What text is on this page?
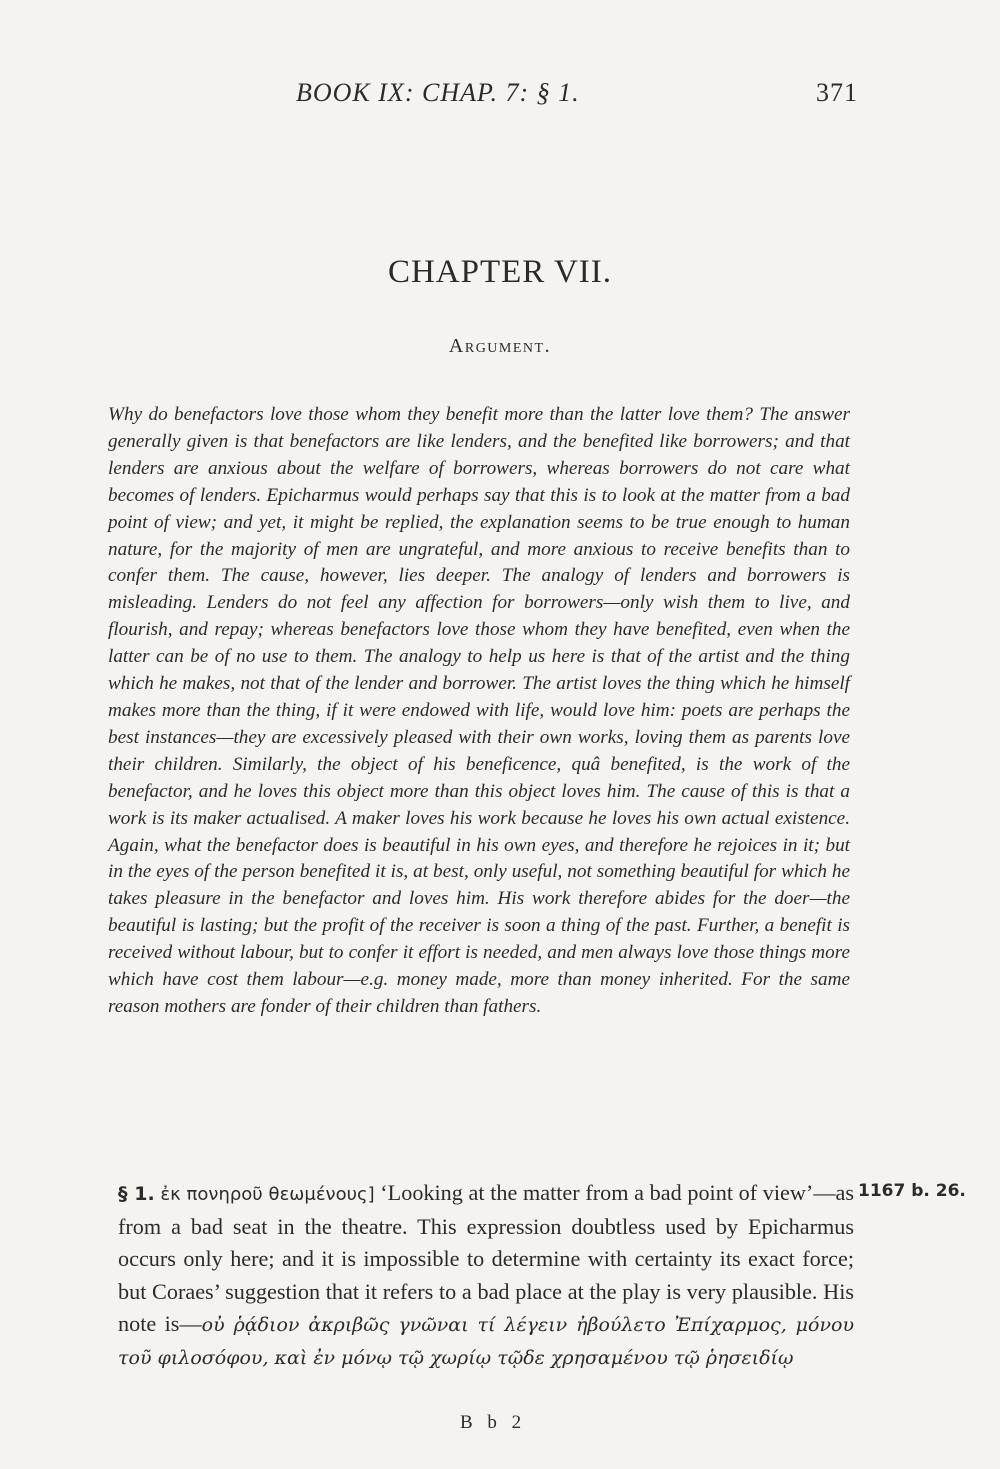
BOOK IX: CHAP. 7: § 1.	371
CHAPTER VII.
Argument.

Why do benefactors love those whom they benefit more than the latter love them? The answer generally given is that benefactors are like lenders, and the benefited like borrowers; and that lenders are anxious about the welfare of borrowers, whereas borrowers do not care what becomes of lenders. Epicharmus would perhaps say that this is to look at the matter from a bad point of view; and yet, it might be replied, the explanation seems to be true enough to human nature, for the majority of men are ungrateful, and more anxious to receive benefits than to confer them. The cause, however, lies deeper. The analogy of lenders and borrowers is misleading. Lenders do not feel any affection for borrowers—only wish them to live, and flourish, and repay; whereas benefactors love those whom they have benefited, even when the latter can be of no use to them. The analogy to help us here is that of the artist and the thing which he makes, not that of the lender and borrower. The artist loves the thing which he himself makes more than the thing, if it were endowed with life, would love him: poets are perhaps the best instances—they are excessively pleased with their own works, loving them as parents love their children. Similarly, the object of his beneficence, quâ benefited, is the work of the benefactor, and he loves this object more than this object loves him. The cause of this is that a work is its maker actualised. A maker loves his work because he loves his own actual existence. Again, what the benefactor does is beautiful in his own eyes, and therefore he rejoices in it; but in the eyes of the person benefited it is, at best, only useful, not something beautiful for which he takes pleasure in the benefactor and loves him. His work therefore abides for the doer—the beautiful is lasting; but the profit of the receiver is soon a thing of the past. Further, a benefit is received without labour, but to confer it effort is needed, and men always love those things more which have cost them labour—e.g. money made, more than money inherited. For the same reason mothers are fonder of their children than fathers.

§ 1. ἐκ πονηροῦ θεωμένους] ‘Looking at the matter from a bad point of view’—as from a bad seat in the theatre. This expression doubtless used by Epicharmus occurs only here; and it is impossible to determine with certainty its exact force; but Coraes’ suggestion that it refers to a bad place at the play is very plausible. His note is—οὐ ῥᾴδιον ἀκριβῶς γνῶναι τί λέγειν ἠβούλετο Ἐπίχαρμος, μόνου τοῦ φιλοσόφου, καὶ ἐν μόνῳ τῷ χωρίῳ τῷδε χρησαμένου τῷ ῥησειδίῳ

1167 b. 26.
B b 2
